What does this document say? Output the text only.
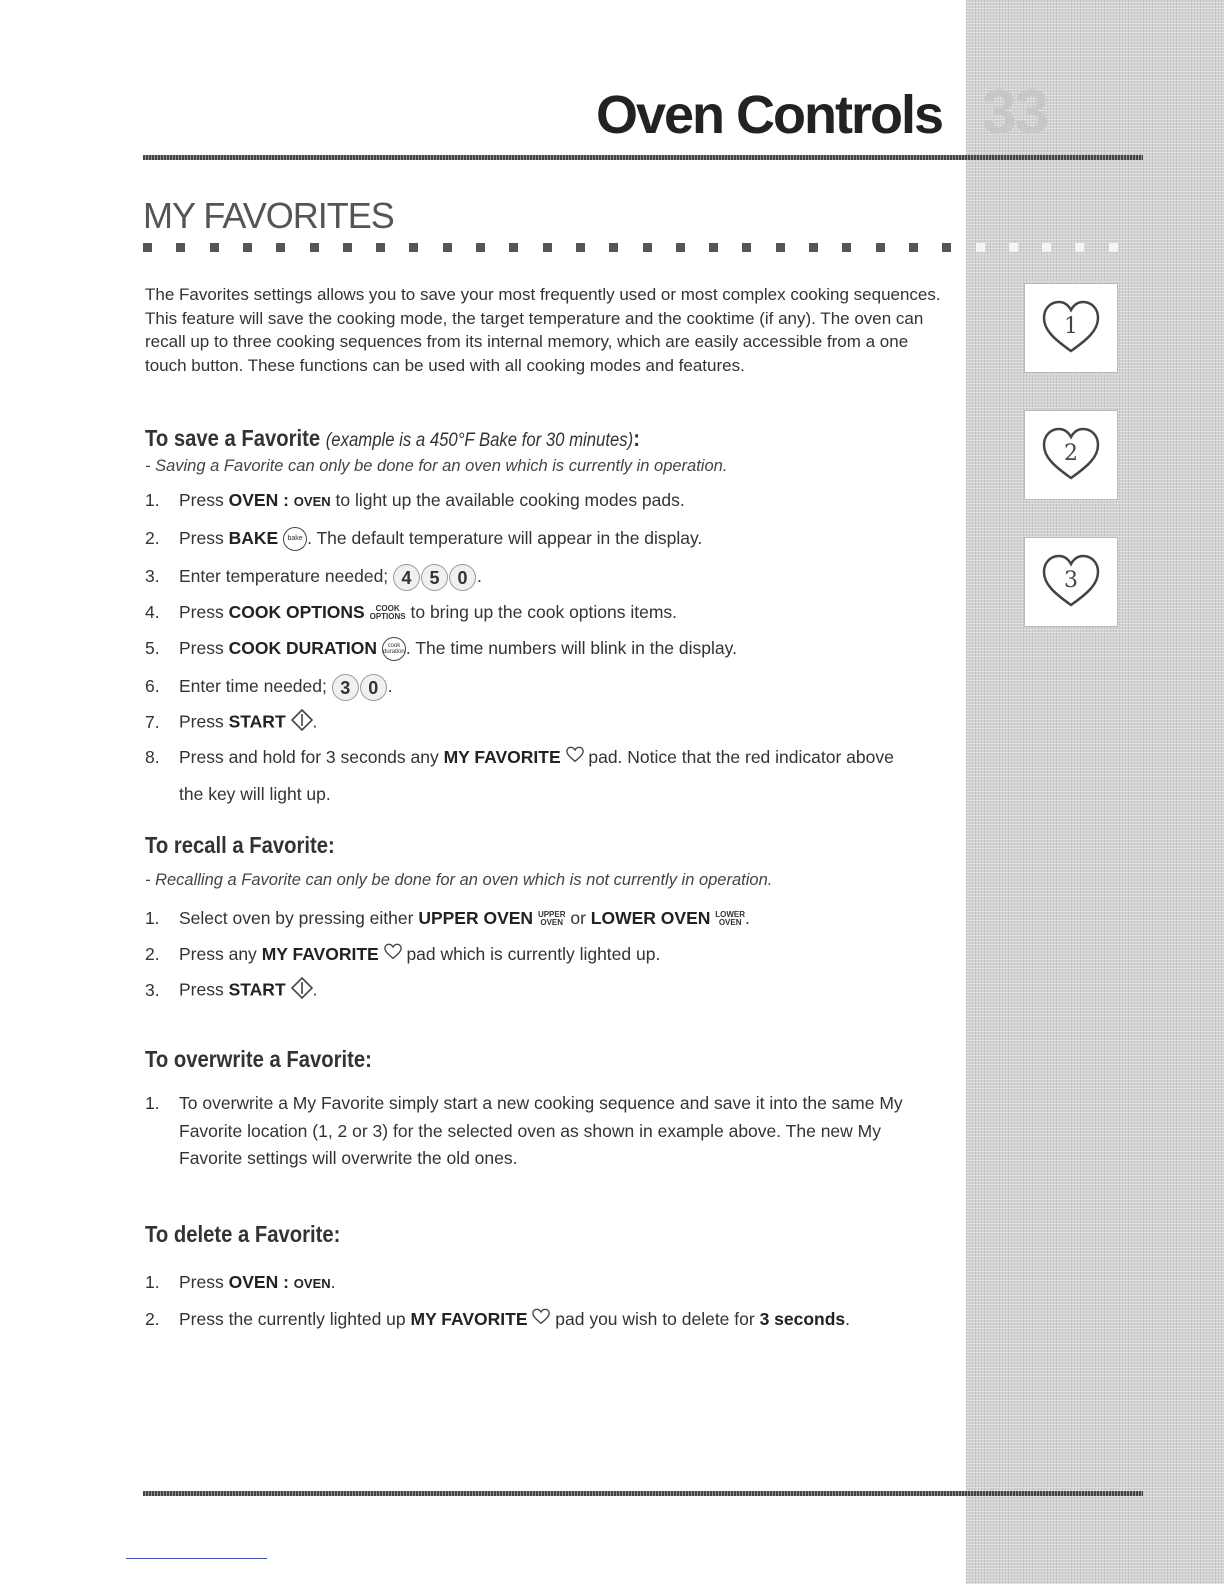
33
Oven Controls
MY FAVORITES

The Favorites settings allows you to save your most frequently used or most complex cooking sequences. This feature will save the cooking mode, the target temperature and the cooktime (if any). The oven can recall up to three cooking sequences from its internal memory, which are easily accessible from a one touch button. These functions can be used with all cooking modes and features.

To save a Favorite (example is a 450°F Bake for 30 minutes):
- Saving a Favorite can only be done for an oven which is currently in operation.
1. Press OVEN : OVEN to light up the available cooking modes pads.
2. Press BAKE bake . The default temperature will appear in the display.
3. Enter temperature needed; 4 5 0 .
4. Press COOK OPTIONS COOK
OPTIONS to bring up the cook options items.
5. Press COOK DURATION cook
duration . The time numbers will blink in the display.
6. Enter time needed; 3 0 .
7. Press START .
8. Press and hold for 3 seconds any MY FAVORITE  pad. Notice that the red indicator above
the key will light up.
To recall a Favorite:
- Recalling a Favorite can only be done for an oven which is not currently in operation.
1. Select oven by pressing either UPPER OVEN UPPER
OVEN or LOWER OVEN LOWER
OVEN .
2. Press any MY FAVORITE  pad which is currently lighted up.
3. Press START .
To overwrite a Favorite:
1.	To overwrite a My Favorite simply start a new cooking sequence and save it into the same My Favorite location (1, 2 or 3) for the selected oven as shown in example above. The new My Favorite settings will overwrite the old ones.
To delete a Favorite:
1. Press OVEN : OVEN.
2. Press the currently lighted up MY FAVORITE  pad you wish to delete for 3 seconds.
1
2
3
